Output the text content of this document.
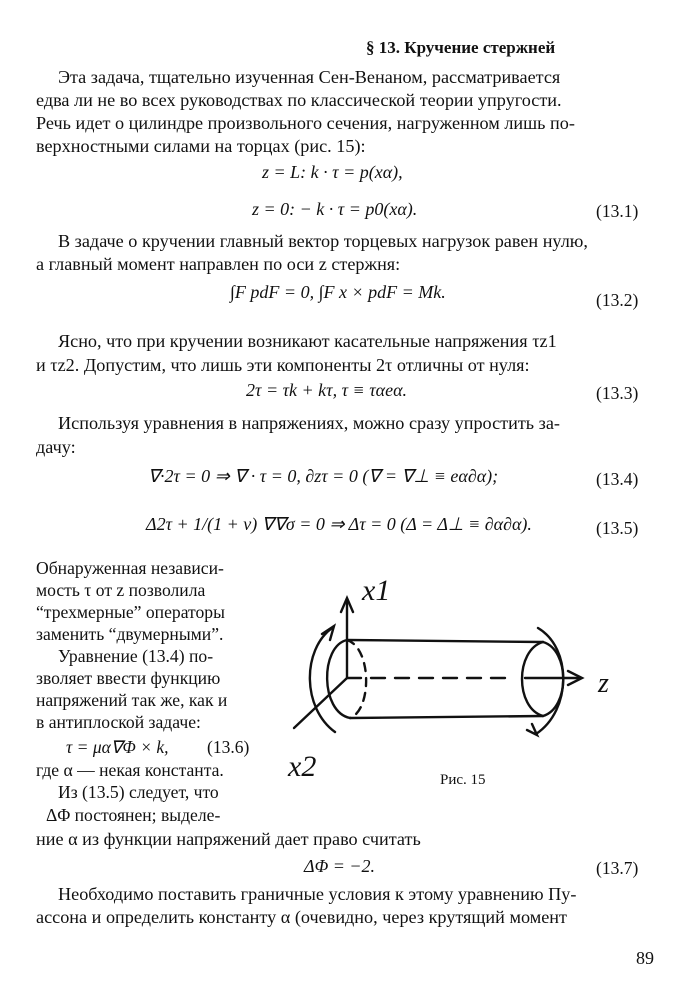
§ 13. Кручение стержней
Эта задача, тщательно изученная Сен-Венаном, рассматривается
едва ли не во всех руководствах по классической теории упругости.
Речь идет о цилиндре произвольного сечения, нагруженном лишь по-
верхностными силами на торцах (рис. 15):
z = L: k · τ = p(xα),
z = 0: − k · τ = p0(xα).	(13.1)
В задаче о кручении главный вектор торцевых нагрузок равен нулю,
а главный момент направлен по оси z стержня:
∫F pdF = 0, ∫F x × pdF = Mk.	(13.2)
Ясно, что при кручении возникают касательные напряжения τz1
и τz2. Допустим, что лишь эти компоненты 2τ отличны от нуля:
2τ = τk + kτ, τ ≡ ταeα.	(13.3)
Используя уравнения в напряжениях, можно сразу упростить за-
дачу:
∇·2τ = 0 ⇒ ∇ · τ = 0, ∂zτ = 0 (∇ = ∇⊥ ≡ eα∂α);	(13.4)
Δ2τ + 1/(1 + ν) ∇∇σ = 0 ⇒ Δτ = 0 (Δ = Δ⊥ ≡ ∂α∂α).	(13.5)
Обнаруженная независи-
мость τ от z позволила
“трехмерные” операторы
заменить “двумерными”.
Уравнение (13.4) по-
зволяет ввести функцию
напряжений так же, как и
в антиплоской задаче:
τ = μα∇Φ × k, (13.6)
где α — некая константа.
Из (13.5) следует, что
ΔΦ постоянен; выделе-
ние α из функции напряжений дает право считать
ΔΦ = −2.	(13.7)
Необходимо поставить граничные условия к этому уравнению Пу-
ассона и определить константу α (очевидно, через крутящий момент
x1
x2
z
Рис. 15
89
